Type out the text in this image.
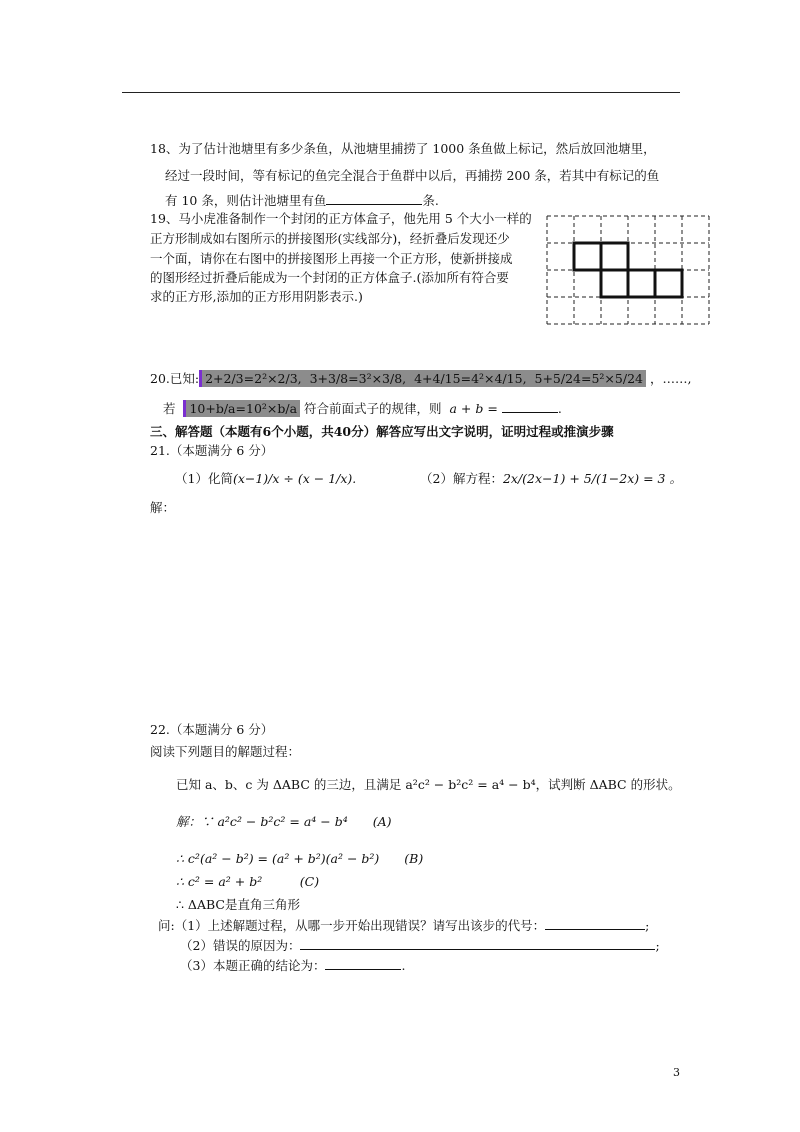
18、为了估计池塘里有多少条鱼，从池塘里捕捞了 1000 条鱼做上标记，然后放回池塘里，
经过一段时间，等有标记的鱼完全混合于鱼群中以后，再捕捞 200 条，若其中有标记的鱼
有 10 条，则估计池塘里有鱼	条.
19、马小虎准备制作一个封闭的正方体盒子，他先用 5 个大小一样的
正方形制成如右图所示的拼接图形(实线部分)，经折叠后发现还少
一个面，请你在右图中的拼接图形上再接一个正方形，使新拼接成
的图形经过折叠后能成为一个封闭的正方体盒子.(添加所有符合要
求的正方形,添加的正方形用阴影表示.)
20.已知: 2+2/3=2²×2/3, 3+3/8=3²×3/8, 4+4/15=4²×4/15, 5+5/24=5²×5/24 ，……,
若 10+b/a=10²×b/a 符合前面式子的规律，则 a + b =	.
三、解答题（本题有6个小题，共40分）解答应写出文字说明，证明过程或推演步骤
21.（本题满分 6 分）
（1）化简(x−1)/x ÷ (x − 1/x).	（2）解方程：2x/(2x−1) + 5/(1−2x) = 3 。
解：
22.（本题满分 6 分）
阅读下列题目的解题过程：
已知 a、b、c 为 ΔABC 的三边，且满足 a²c² − b²c² = a⁴ − b⁴，试判断 ΔABC 的形状。
解：∵ a²c² − b²c² = a⁴ − b⁴　　(A)
∴ c²(a² − b²) = (a² + b²)(a² − b²)　　(B)
∴ c² = a² + b²　　　(C)
∴ ΔABC是直角三角形
问:（1）上述解题过程，从哪一步开始出现错误？请写出该步的代号：	;
（2）错误的原因为：	;
（3）本题正确的结论为：	.
3
